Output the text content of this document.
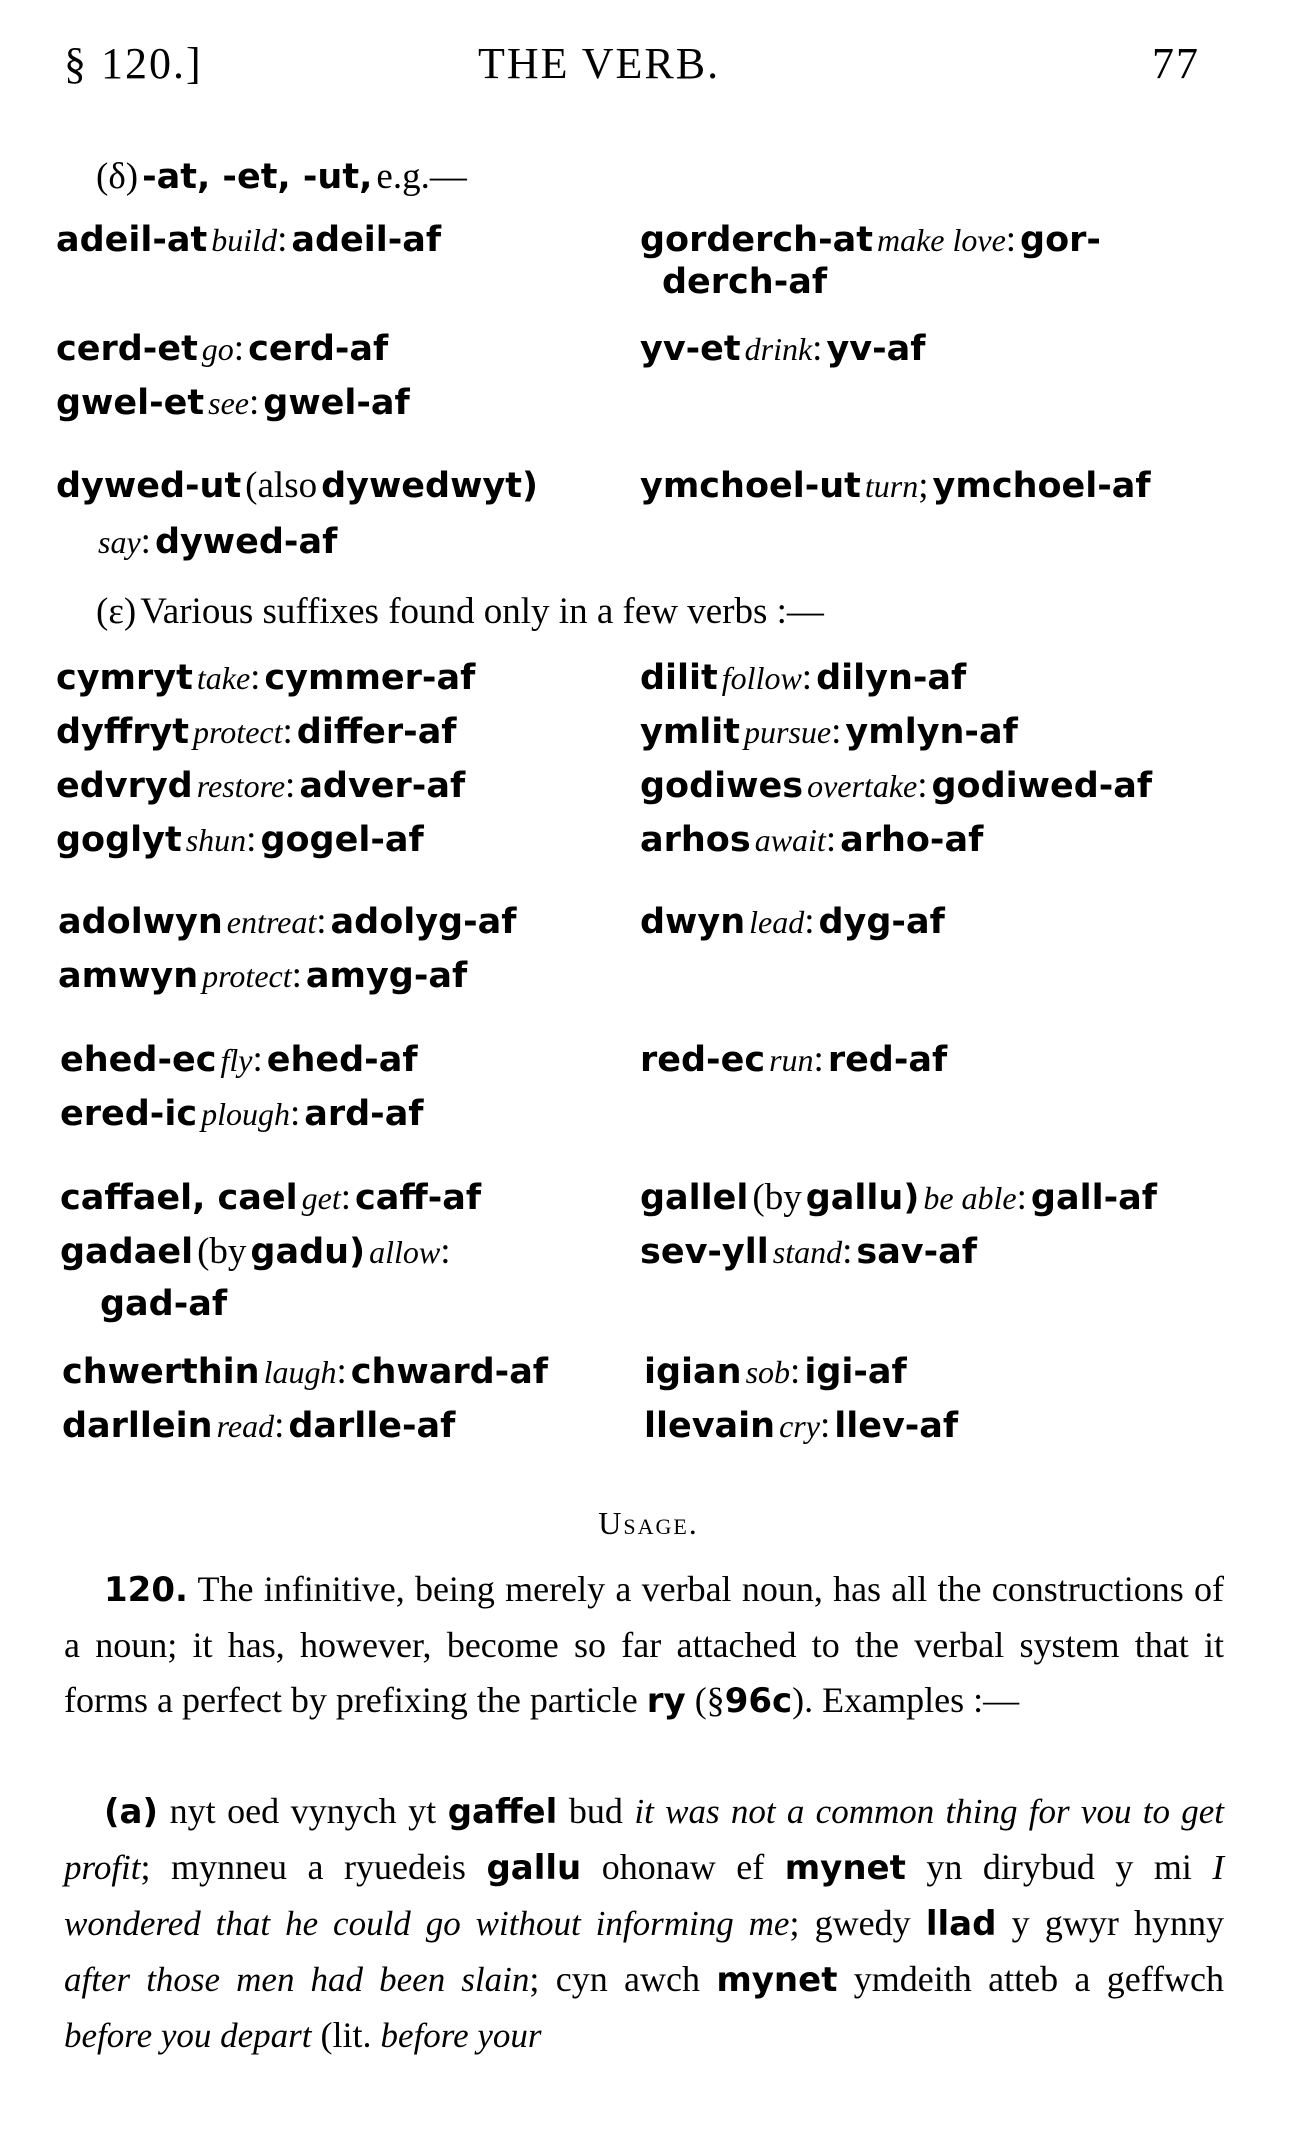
§ 120.]	THE VERB.	77
(δ) -at, -et, -ut, e.g.—
adeil-at build: adeil-af
cerd-et go: cerd-af
gwel-et see: gwel-af
dywed-ut (also dywedwyt)
say: dywed-af
gorderch-at make love: gor-
derch-af
yv-et drink: yv-af
ymchoel-ut turn; ymchoel-af
(ε) Various suffixes found only in a few verbs :—
cymryt take: cymmer-af
dyffryt protect: differ-af
edvryd restore: adver-af
goglyt shun: gogel-af
adolwyn entreat: adolyg-af
amwyn protect: amyg-af
ehed-ec fly: ehed-af
ered-ic plough: ard-af
caffael, cael get: caff-af
gadael (by gadu) allow:
gad-af
chwerthin laugh: chward-af
darllein read: darlle-af
dilit follow: dilyn-af
ymlit pursue: ymlyn-af
godiwes overtake: godiwed-af
arhos await: arho-af
dwyn lead: dyg-af
red-ec run: red-af
gallel (by gallu) be able: gall-af
sev-yll stand: sav-af
igian sob: igi-af
llevain cry: llev-af
Usage.
120. The infinitive, being merely a verbal noun, has all the constructions of a noun; it has, however, become so far attached to the verbal system that it forms a perfect by prefixing the particle ry (§96c). Examples :—
(a) nyt oed vynych yt gaffel bud it was not a common thing for vou to get profit; mynneu a ryuedeis gallu ohonaw ef mynet yn dirybud y mi I wondered that he could go without informing me; gwedy llad y gwyr hynny after those men had been slain; cyn awch mynet ymdeith atteb a geffwch before you depart (lit. before your
